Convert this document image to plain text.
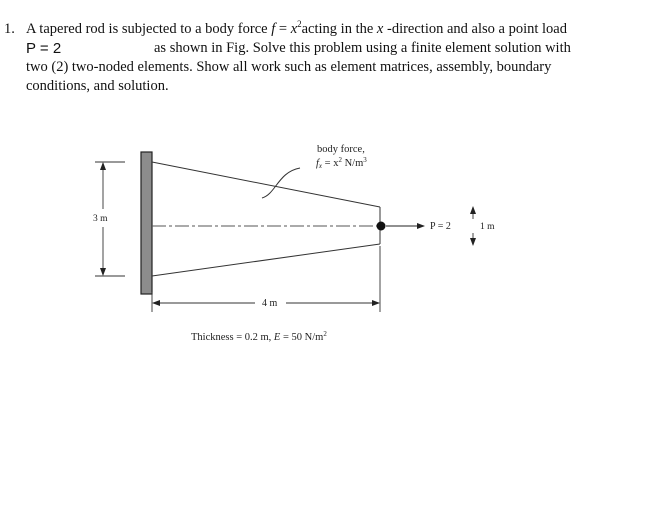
1. A tapered rod is subjected to a body force $f = x^2acting$ in the x -direction and also a point load
P = 2	as shown in Fig. Solve this problem using a finite element solution with
two (2) two-noded elements. Show all work such as element matrices, assembly, boundary
conditions, and solution.
P = 2
body force,
fx = $x^2$ $N/m^3$
3 m
1 m
4 m
Thickness = 0.2 m, E = 50 $N/m^2$
